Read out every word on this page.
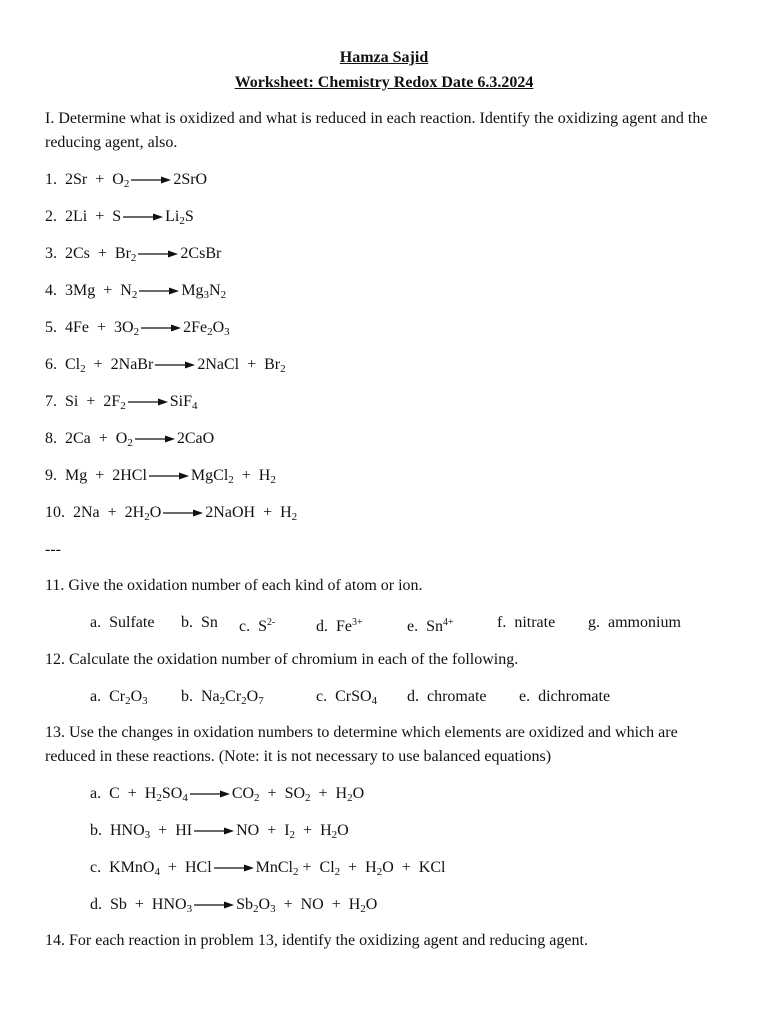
Hamza Sajid
Worksheet: Chemistry Redox Date 6.3.2024
I. Determine what is oxidized and what is reduced in each reaction. Identify the oxidizing agent and the reducing agent, also.
1. $2Sr + O_2 \to 2SrO$
2. $2Li + S \to Li_2S$
3. $2Cs + Br_2$ → 2CsBr
4. $3Mg + N_2 \to Mg_3N_2$
5. $4Fe + 3O_2 \to 2Fe_2O_3$
6. $Cl_2$  +  2NaBr → 2NaCl  +  $Br_2$
7. $Si + 2F_2 \to SiF_4$
8. $2Ca + O_2 \to 2CaO$
9. Mg  +  2HCl → MgCl$_2$  +  $H_2$
10. $2Na + 2H_2O$ → 2NaOH  +  $H_2$
---
11. Give the oxidation number of each kind of atom or ion.
a.  Sulfate b.  Sn c.  $S^{2-}$	d.  $Fe^{3+}$	e.  $Sn^{4+}$	f.  nitrate g.  ammonium
12. Calculate the oxidation number of chromium in each of the following.
a.  $Cr_2O_3$ b.  $Na_2Cr_2O_7$	c.  CrSO$_4$ d.  chromate e.  dichromate
13. Use the changes in oxidation numbers to determine which elements are oxidized and which are reduced in these reactions. (Note: it is not necessary to use balanced equations)
a. $C + H_2SO_4 \to CO_2 + SO_2 + H_2O$
b. $HNO_3$  +  HI → NO  +  $I_2 + H_2O$
c. KMnO$_4$  +  HCl → MnCl$_2$ +  $Cl_2 + H_2O$  +  KCl
d. $Sb + HNO_3 \to Sb_2O_3$  +  NO  +  $H_2O$
14. For each reaction in problem 13, identify the oxidizing agent and reducing agent.
